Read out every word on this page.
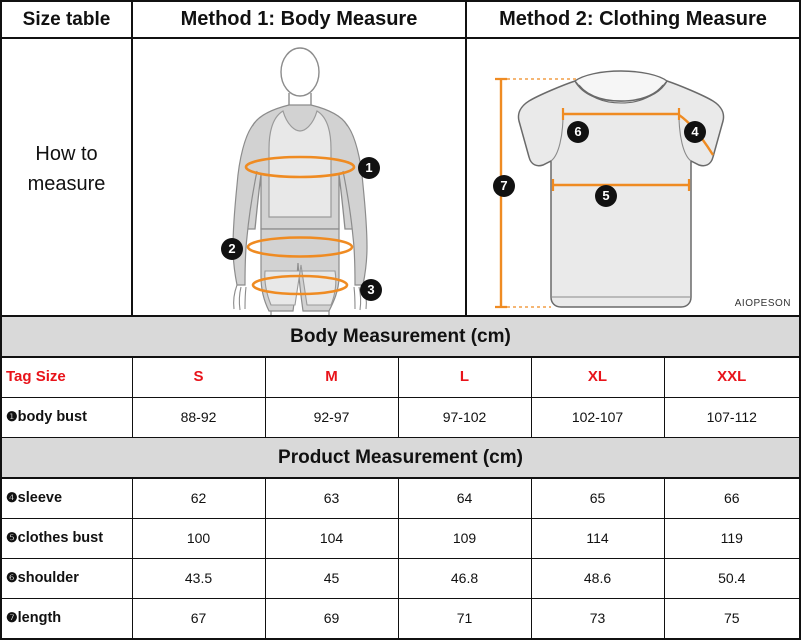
Size table
How to
measure
Method 1: Body Measure
1
2
3
Method 2: Clothing Measure
6	4
7
5
AIOPESON
Body Measurement (cm)
Tag Size	S	M	L	XL	XXL
❶body bust	88-92	92-97	97-102	102-107	107-112
Product Measurement (cm)
❹sleeve	62	63	64	65	66
❺clothes bust	100	104	109	114	119
❻shoulder	43.5	45	46.8	48.6	50.4
❼length	67	69	71	73	75
